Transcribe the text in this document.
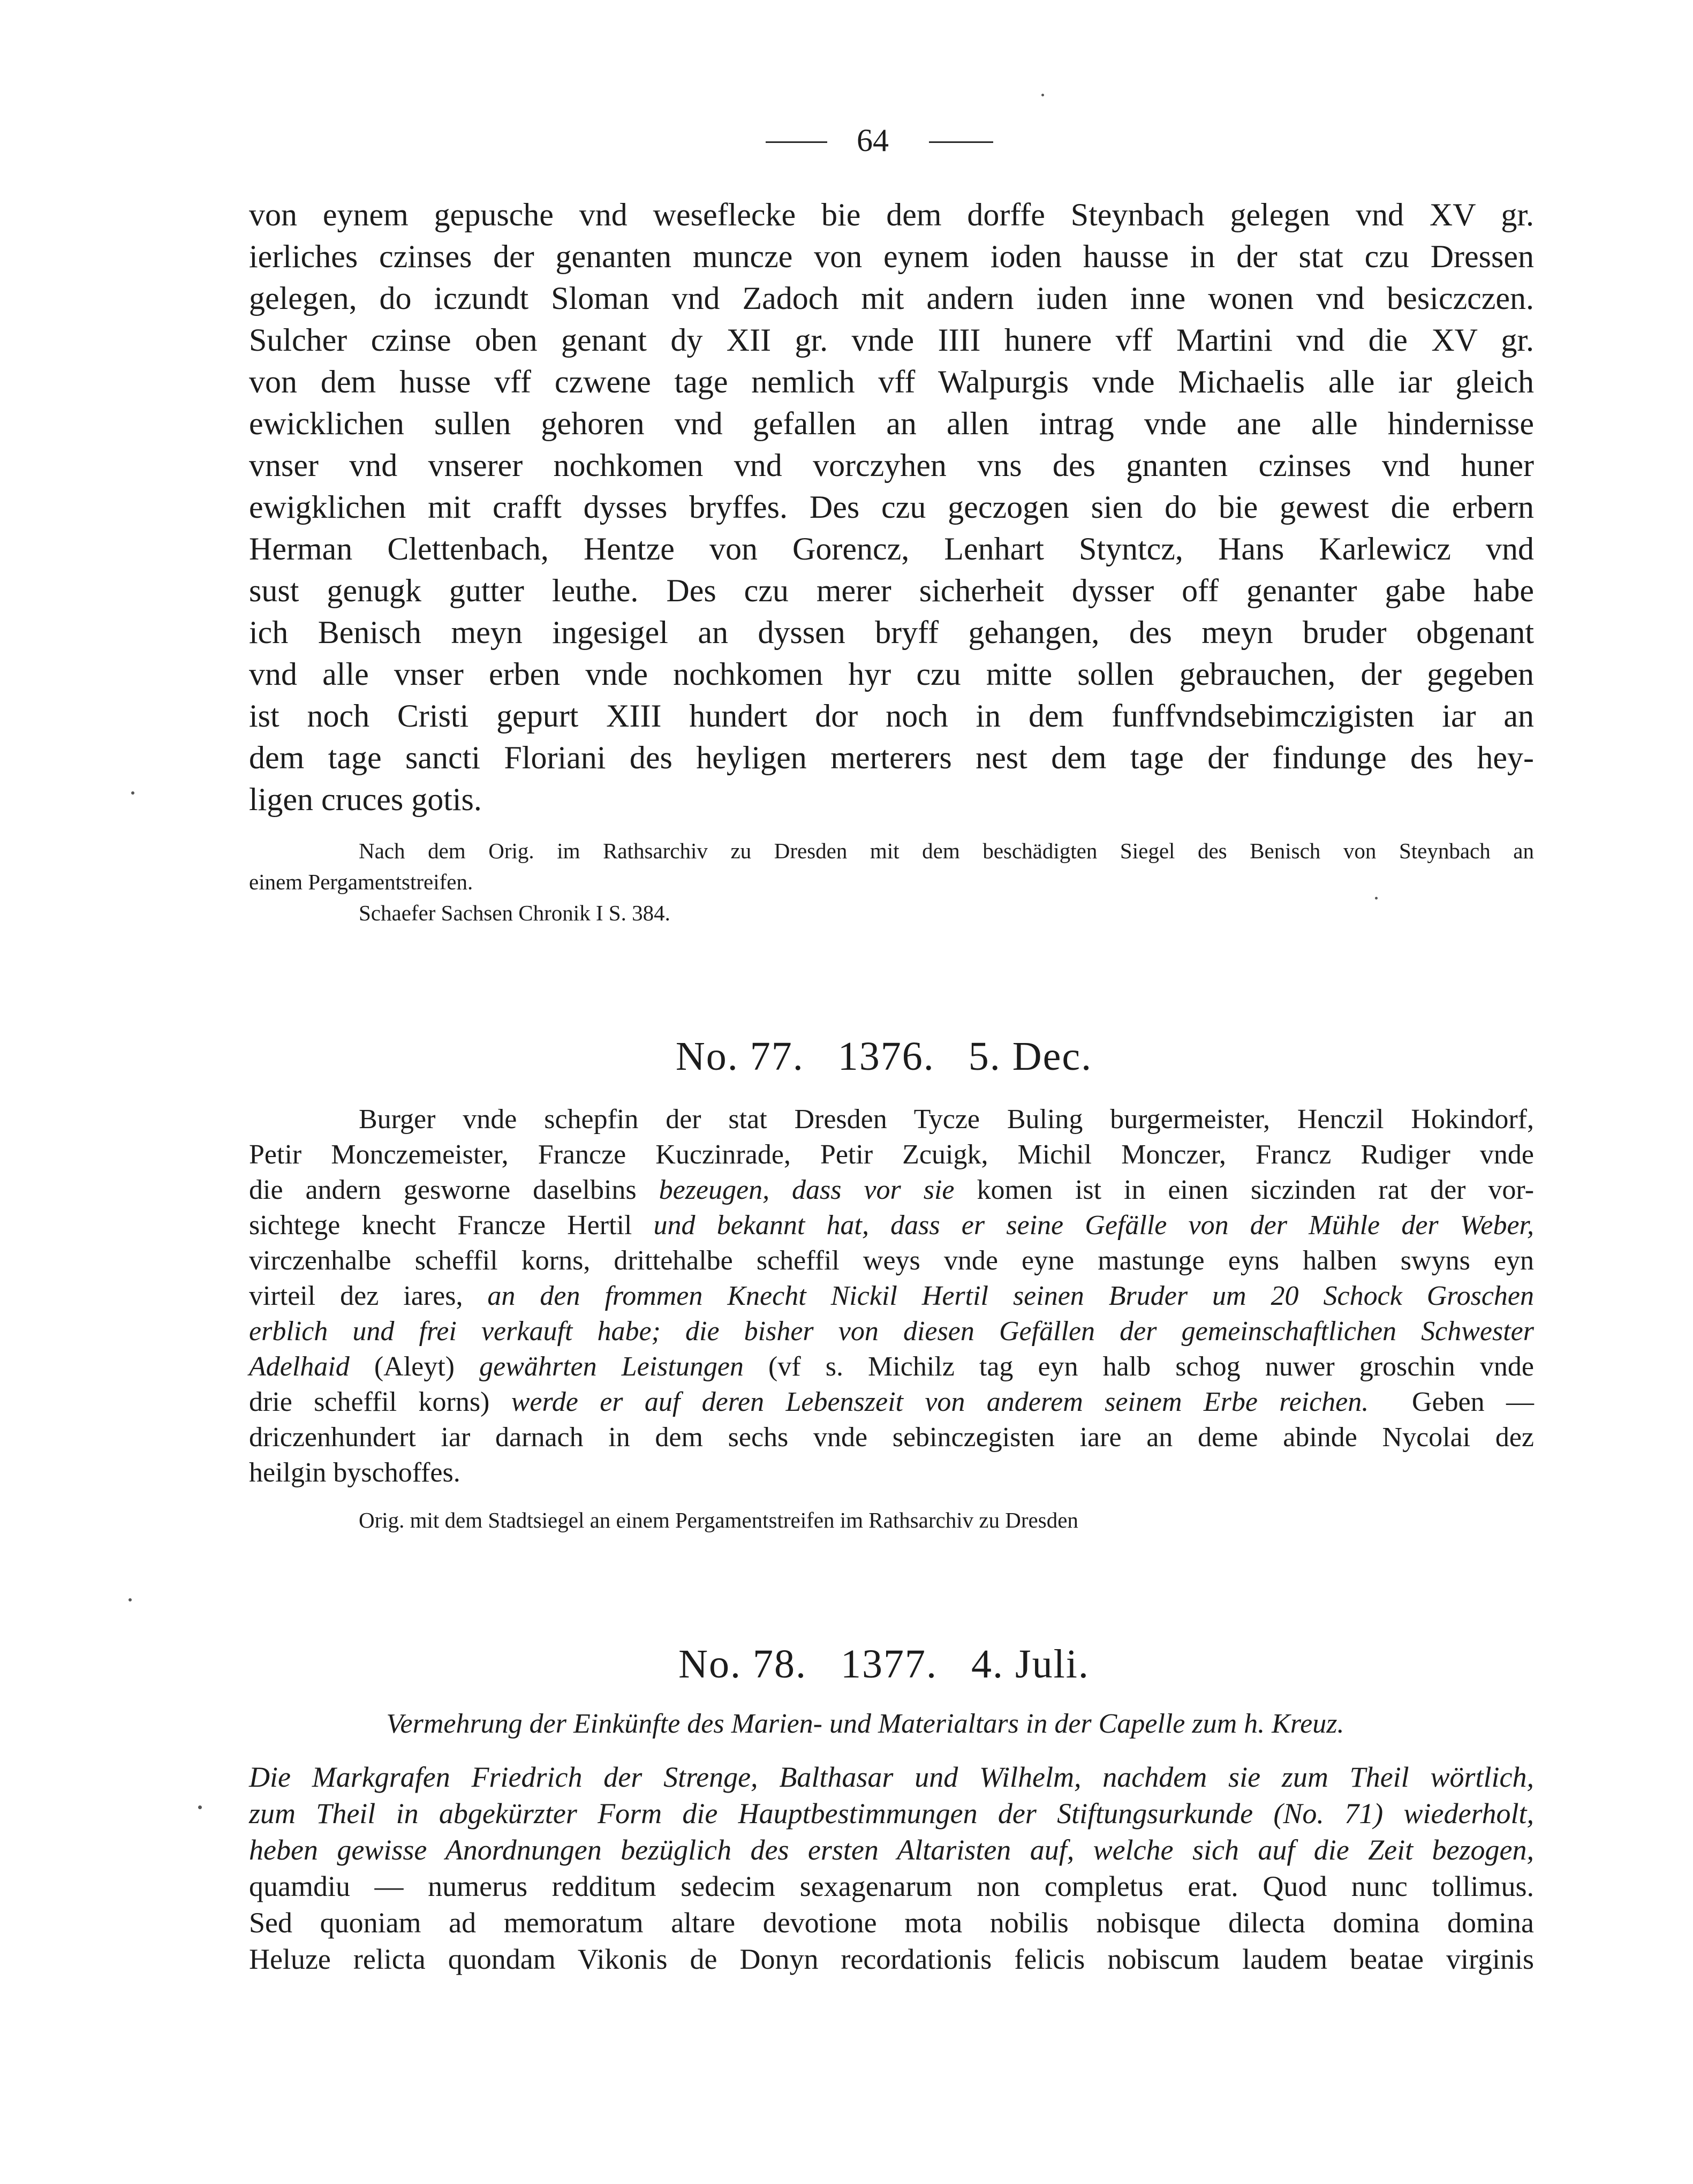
64
von eynem gepusche vnd weseflecke bie dem dorffe Steynbach gelegen vnd XV gr.
ierliches czinses der genanten muncze von eynem ioden hausse in der stat czu Dressen
gelegen, do iczundt Sloman vnd Zadoch mit andern iuden inne wonen vnd besiczczen.
Sulcher czinse oben genant dy XII gr. vnde IIII hunere vff Martini vnd die XV gr.
von dem husse vff czwene tage nemlich vff Walpurgis vnde Michaelis alle iar gleich
ewicklichen sullen gehoren vnd gefallen an allen intrag vnde ane alle hindernisse
vnser vnd vnserer nochkomen vnd vorczyhen vns des gnanten czinses vnd huner
ewigklichen mit crafft dysses bryffes. Des czu geczogen sien do bie gewest die erbern
Herman Clettenbach, Hentze von Gorencz, Lenhart Styntcz, Hans Karlewicz vnd
sust genugk gutter leuthe. Des czu merer sicherheit dysser off genanter gabe habe
ich Benisch meyn ingesigel an dyssen bryff gehangen, des meyn bruder obgenant
vnd alle vnser erben vnde nochkomen hyr czu mitte sollen gebrauchen, der gegeben
ist noch Cristi gepurt XIII hundert dor noch in dem funffvndsebimczigisten iar an
dem tage sancti Floriani des heyligen merterers nest dem tage der findunge des hey-
ligen cruces gotis.
Nach dem Orig. im Rathsarchiv zu Dresden mit dem beschädigten Siegel des Benisch von Steynbach an
einem Pergamentstreifen.
Schaefer Sachsen Chronik I S. 384.
No. 77.   1376.   5. Dec.
Burger vnde schepfin der stat Dresden Tycze Buling burgermeister, Henczil Hokindorf,
Petir Monczemeister, Francze Kuczinrade, Petir Zcuigk, Michil Monczer, Francz Rudiger vnde
die andern gesworne daselbins bezeugen, dass vor sie komen ist in einen siczinden rat der vor-
sichtege knecht Francze Hertil und bekannt hat, dass er seine Gefälle von der Mühle der Weber,
virczenhalbe scheffil korns, drittehalbe scheffil weys vnde eyne mastunge eyns halben swyns eyn
virteil dez iares, an den frommen Knecht Nickil Hertil seinen Bruder um 20 Schock Groschen
erblich und frei verkauft habe; die bisher von diesen Gefällen der gemeinschaftlichen Schwester
Adelhaid (Aleyt) gewährten Leistungen (vf s. Michilz tag eyn halb schog nuwer groschin vnde
drie scheffil korns) werde er auf deren Lebenszeit von anderem seinem Erbe reichen.  Geben —
driczenhundert iar darnach in dem sechs vnde sebinczegisten iare an deme abinde Nycolai dez
heilgin byschoffes.
Orig. mit dem Stadtsiegel an einem Pergamentstreifen im Rathsarchiv zu Dresden
No. 78.   1377.   4. Juli.
Vermehrung der Einkünfte des Marien- und Materialtars in der Capelle zum h. Kreuz.
Die Markgrafen Friedrich der Strenge, Balthasar und Wilhelm, nachdem sie zum Theil wörtlich,
zum Theil in abgekürzter Form die Hauptbestimmungen der Stiftungsurkunde (No. 71) wiederholt,
heben gewisse Anordnungen bezüglich des ersten Altaristen auf, welche sich auf die Zeit bezogen,
quamdiu — numerus redditum sedecim sexagenarum non completus erat. Quod nunc tollimus.
Sed quoniam ad memoratum altare devotione mota nobilis nobisque dilecta domina domina
Heluze relicta quondam Vikonis de Donyn recordationis felicis nobiscum laudem beatae virginis
